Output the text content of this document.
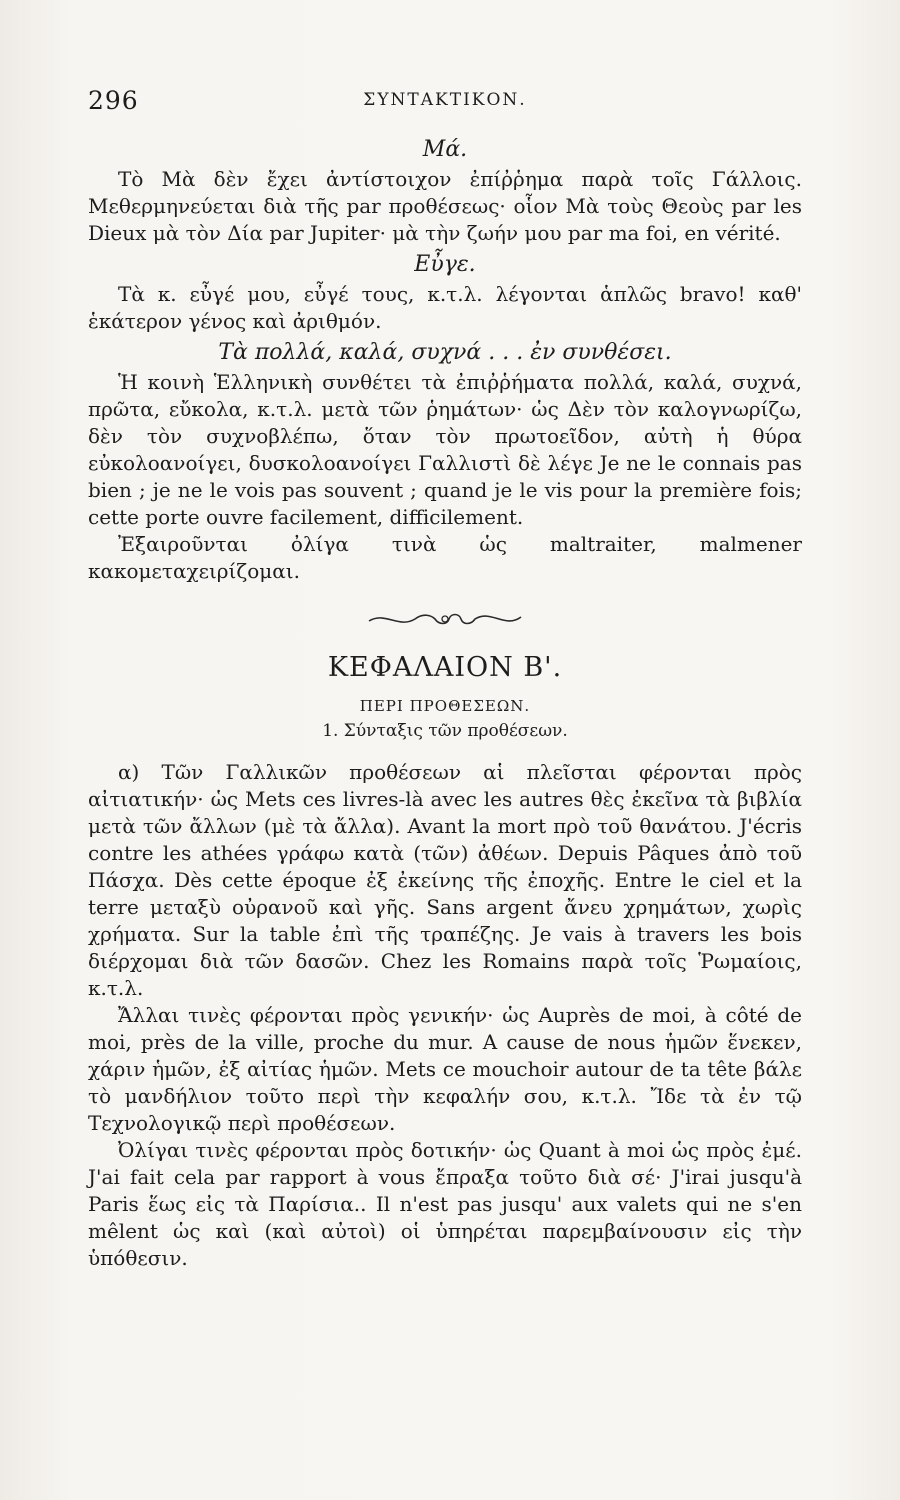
296	ΣΥΝΤΑΚΤΙΚΟΝ.
Μά.

Τὸ Μὰ δὲν ἔχει ἀντίστοιχον ἐπίῤῥημα παρὰ τοῖς Γάλλοις. Μεθερμηνεύεται διὰ τῆς par προθέσεως· οἷον Μὰ τοὺς Θεοὺς par les Dieux μὰ τὸν Δία par Jupiter· μὰ τὴν ζωήν μου par ma foi, en vérité.

Εὖγε.

Τὰ κ. εὖγέ μου, εὖγέ τους, κ.τ.λ. λέγονται ἁπλῶς bravo! καθ' ἑκάτερον γένος καὶ ἀριθμόν.

Τὰ πολλά, καλά, συχνά . . . ἐν συνθέσει.

Ἡ κοινὴ Ἑλληνικὴ συνθέτει τὰ ἐπιῤῥήματα πολλά, καλά, συχνά, πρῶτα, εὔκολα, κ.τ.λ. μετὰ τῶν ῥημάτων· ὡς Δὲν τὸν καλογνωρίζω, δὲν τὸν συχνοβλέπω, ὅταν τὸν πρωτοεῖδον, αὐτὴ ἡ θύρα εὐκολοανοίγει, δυσκολοανοίγει Γαλλιστὶ δὲ λέγε Je ne le connais pas bien ; je ne le vois pas souvent ; quand je le vis pour la première fois; cette porte ouvre facilement, difficilement.

Ἐξαιροῦνται ὀλίγα τινὰ ὡς maltraiter, malmener κακομεταχειρίζομαι.

ΚΕΦΑΛΑΙΟΝ Β'.
ΠΕΡΙ ΠΡΟΘΕΣΕΩΝ.
1. Σύνταξις τῶν προθέσεων.

α) Τῶν Γαλλικῶν προθέσεων αἱ πλεῖσται φέρονται πρὸς αἰτιατικήν· ὡς Mets ces livres-là avec les autres θὲς ἐκεῖνα τὰ βιβλία μετὰ τῶν ἄλλων (μὲ τὰ ἄλλα). Avant la mort πρὸ τοῦ θανάτου. J'écris contre les athées γράφω κατὰ (τῶν) ἀθέων. Depuis Pâques ἀπὸ τοῦ Πάσχα. Dès cette époque ἐξ ἐκείνης τῆς ἐποχῆς. Entre le ciel et la terre μεταξὺ οὐρανοῦ καὶ γῆς. Sans argent ἄνευ χρημάτων, χωρὶς χρήματα. Sur la table ἐπὶ τῆς τραπέζης. Je vais à travers les bois διέρχομαι διὰ τῶν δασῶν. Chez les Romains παρὰ τοῖς Ῥωμαίοις, κ.τ.λ.

Ἄλλαι τινὲς φέρονται πρὸς γενικήν· ὡς Auprès de moi, à côté de moi, près de la ville, proche du mur. A cause de nous ἡμῶν ἕνεκεν, χάριν ἡμῶν, ἐξ αἰτίας ἡμῶν. Mets ce mouchoir autour de ta tête βάλε τὸ μανδήλιον τοῦτο περὶ τὴν κεφαλήν σου, κ.τ.λ. Ἴδε τὰ ἐν τῷ Τεχνολογικῷ περὶ προθέσεων.

Ὀλίγαι τινὲς φέρονται πρὸς δοτικήν· ὡς Quant à moi ὡς πρὸς ἐμέ. J'ai fait cela par rapport à vous ἔπραξα τοῦτο διὰ σέ· J'irai jusqu'à Paris ἕως εἰς τὰ Παρίσια.. Il n'est pas jusqu' aux valets qui ne s'en mêlent ὡς καὶ (καὶ αὐτοὶ) οἱ ὑπηρέται παρεμβαίνουσιν εἰς τὴν ὑπόθεσιν.
